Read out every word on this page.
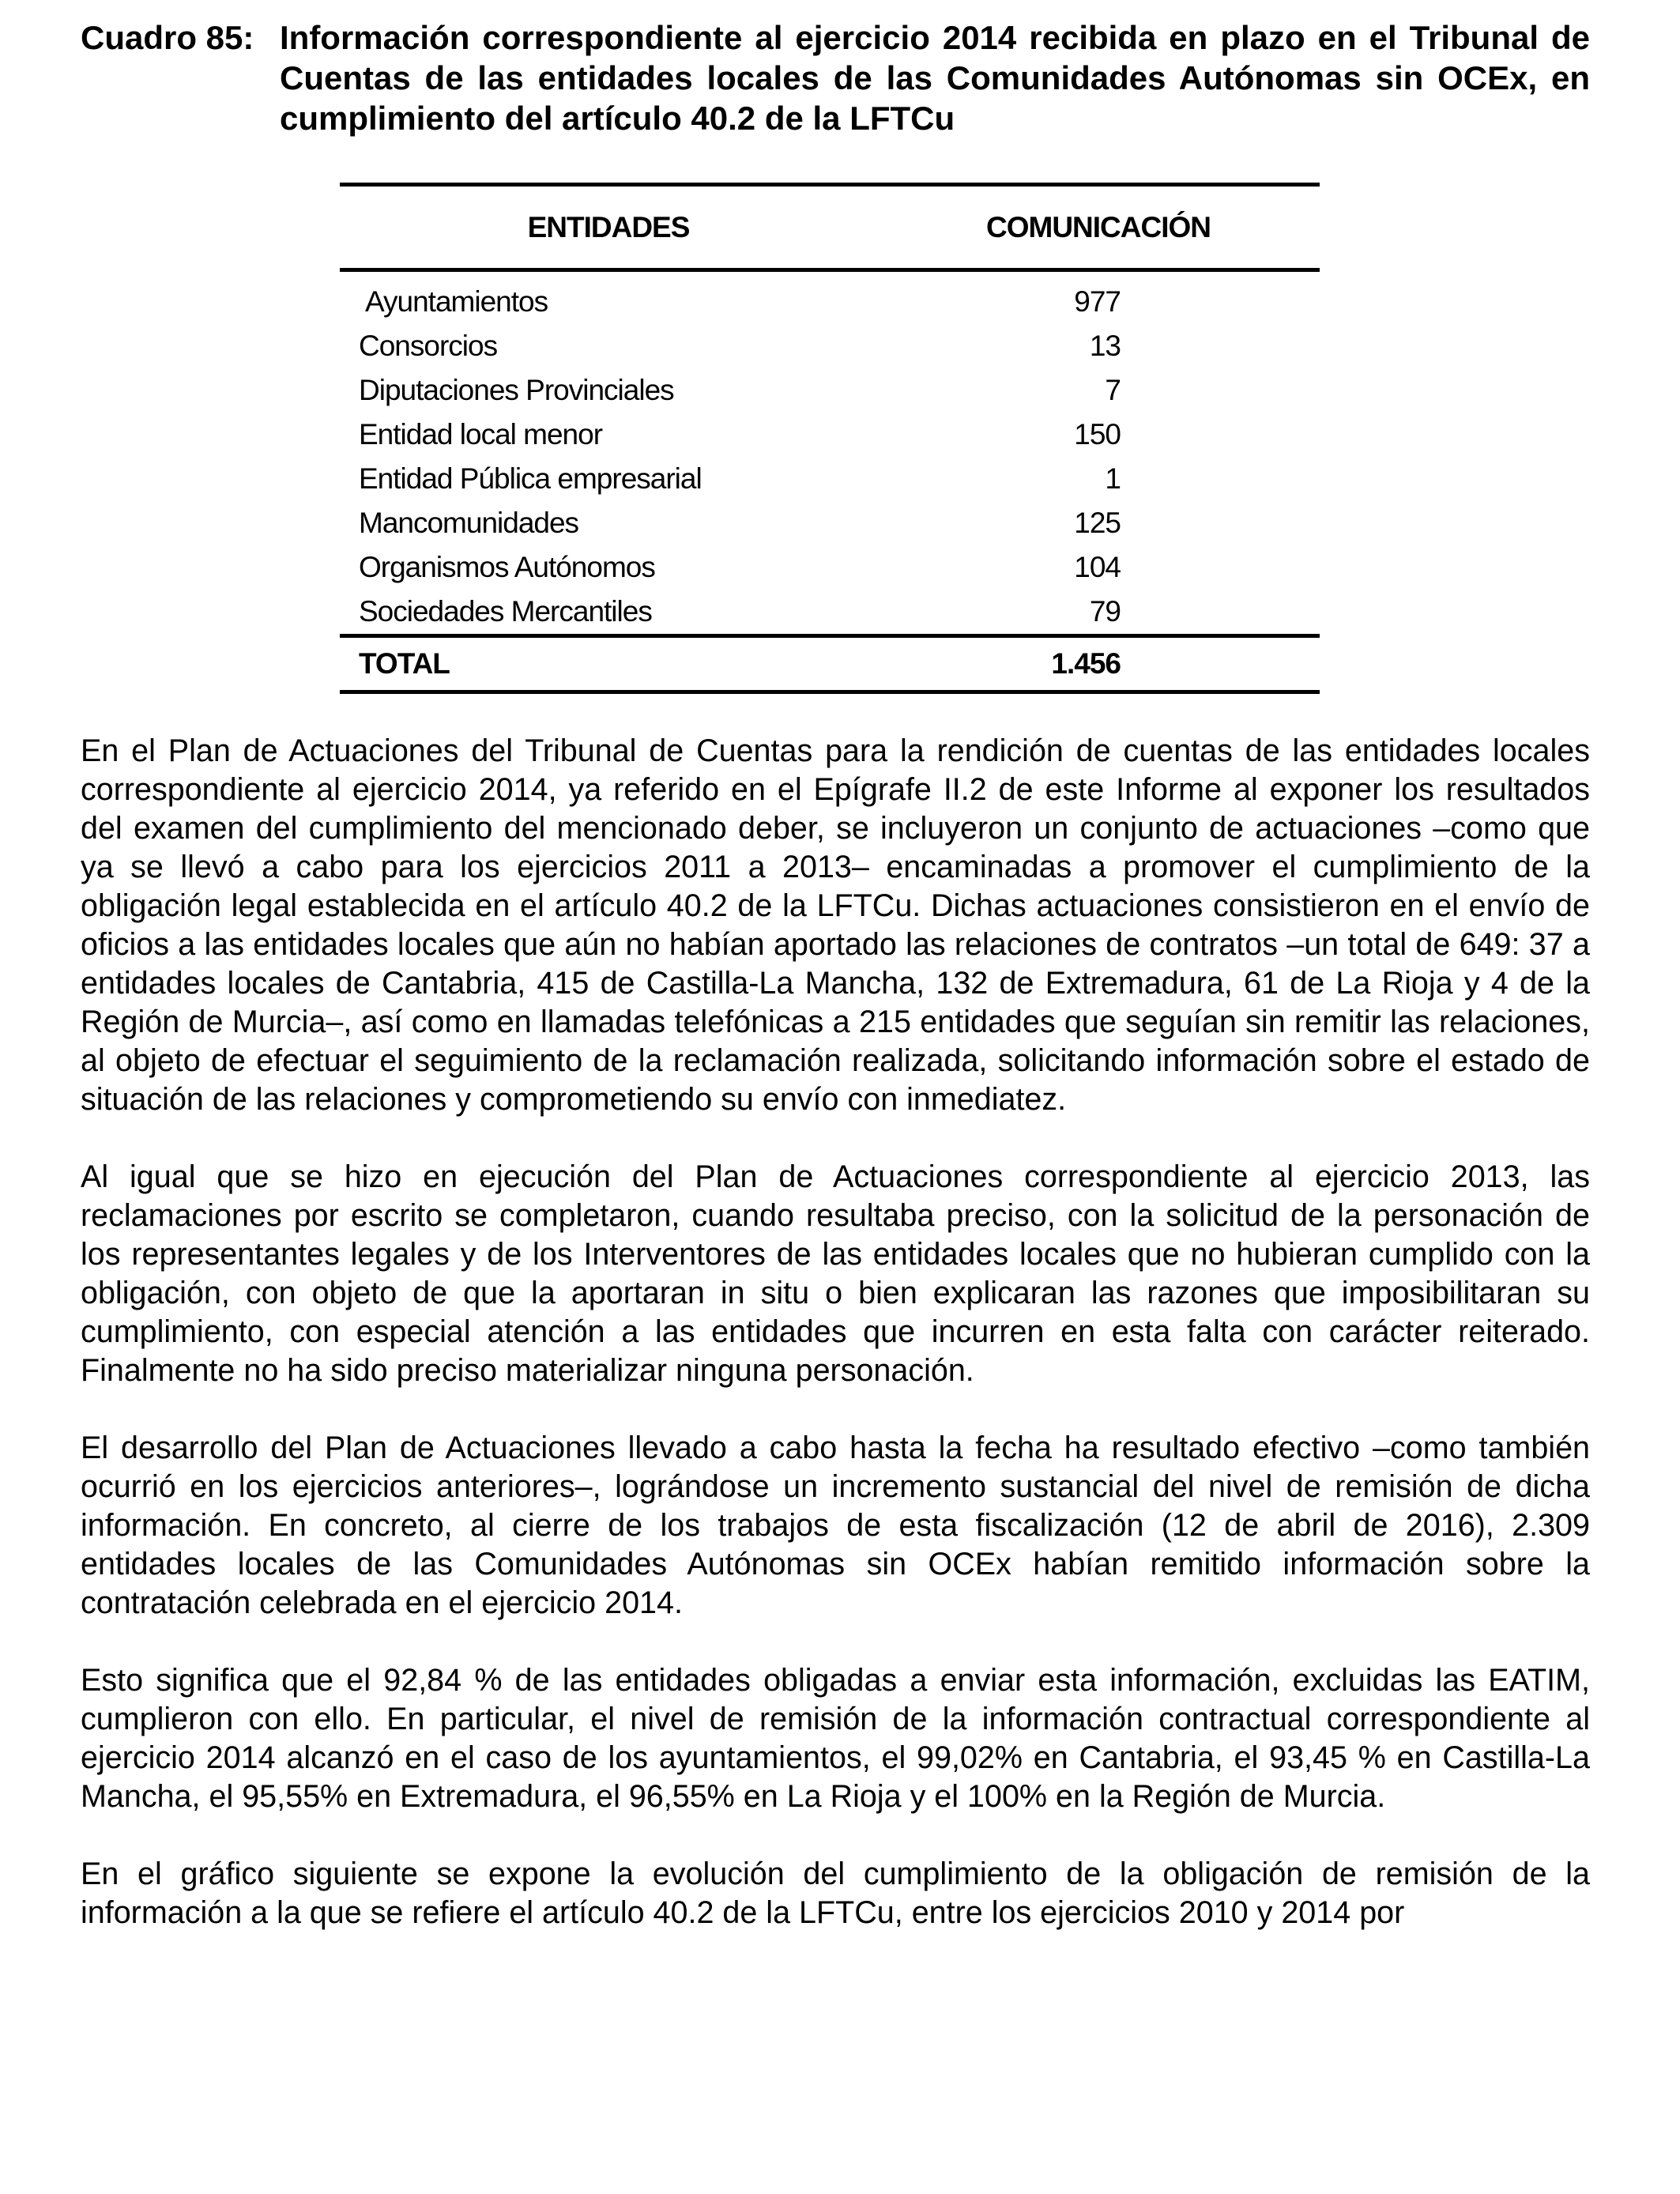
Cuadro 85: Información correspondiente al ejercicio 2014 recibida en plazo en el Tribunal de Cuentas de las entidades locales de las Comunidades Autónomas sin OCEx, en cumplimiento del artículo 40.2 de la LFTCu
ENTIDADES	COMUNICACIÓN
Ayuntamientos	977
Consorcios	13
Diputaciones Provinciales	7
Entidad local menor	150
Entidad Pública empresarial	1
Mancomunidades	125
Organismos Autónomos	104
Sociedades Mercantiles	79
TOTAL	1.456

En el Plan de Actuaciones del Tribunal de Cuentas para la rendición de cuentas de las entidades locales correspondiente al ejercicio 2014, ya referido en el Epígrafe II.2 de este Informe al exponer los resultados del examen del cumplimiento del mencionado deber, se incluyeron un conjunto de actuaciones –como que ya se llevó a cabo para los ejercicios 2011 a 2013– encaminadas a promover el cumplimiento de la obligación legal establecida en el artículo 40.2 de la LFTCu. Dichas actuaciones consistieron en el envío de oficios a las entidades locales que aún no habían aportado las relaciones de contratos –un total de 649: 37 a entidades locales de Cantabria, 415 de Castilla-La Mancha, 132 de Extremadura, 61 de La Rioja y 4 de la Región de Murcia–, así como en llamadas telefónicas a 215 entidades que seguían sin remitir las relaciones, al objeto de efectuar el seguimiento de la reclamación realizada, solicitando información sobre el estado de situación de las relaciones y comprometiendo su envío con inmediatez.

Al igual que se hizo en ejecución del Plan de Actuaciones correspondiente al ejercicio 2013, las reclamaciones por escrito se completaron, cuando resultaba preciso, con la solicitud de la personación de los representantes legales y de los Interventores de las entidades locales que no hubieran cumplido con la obligación, con objeto de que la aportaran in situ o bien explicaran las razones que imposibilitaran su cumplimiento, con especial atención a las entidades que incurren en esta falta con carácter reiterado. Finalmente no ha sido preciso materializar ninguna personación.

El desarrollo del Plan de Actuaciones llevado a cabo hasta la fecha ha resultado efectivo –como también ocurrió en los ejercicios anteriores–, lográndose un incremento sustancial del nivel de remisión de dicha información. En concreto, al cierre de los trabajos de esta fiscalización (12 de abril de 2016), 2.309 entidades locales de las Comunidades Autónomas sin OCEx habían remitido información sobre la contratación celebrada en el ejercicio 2014.

Esto significa que el 92,84 % de las entidades obligadas a enviar esta información, excluidas las EATIM, cumplieron con ello. En particular, el nivel de remisión de la información contractual correspondiente al ejercicio 2014 alcanzó en el caso de los ayuntamientos, el 99,02% en Cantabria, el 93,45 % en Castilla-La Mancha, el 95,55% en Extremadura, el 96,55% en La Rioja y el 100% en la Región de Murcia.

En el gráfico siguiente se expone la evolución del cumplimiento de la obligación de remisión de la información a la que se refiere el artículo 40.2 de la LFTCu, entre los ejercicios 2010 y 2014 por
